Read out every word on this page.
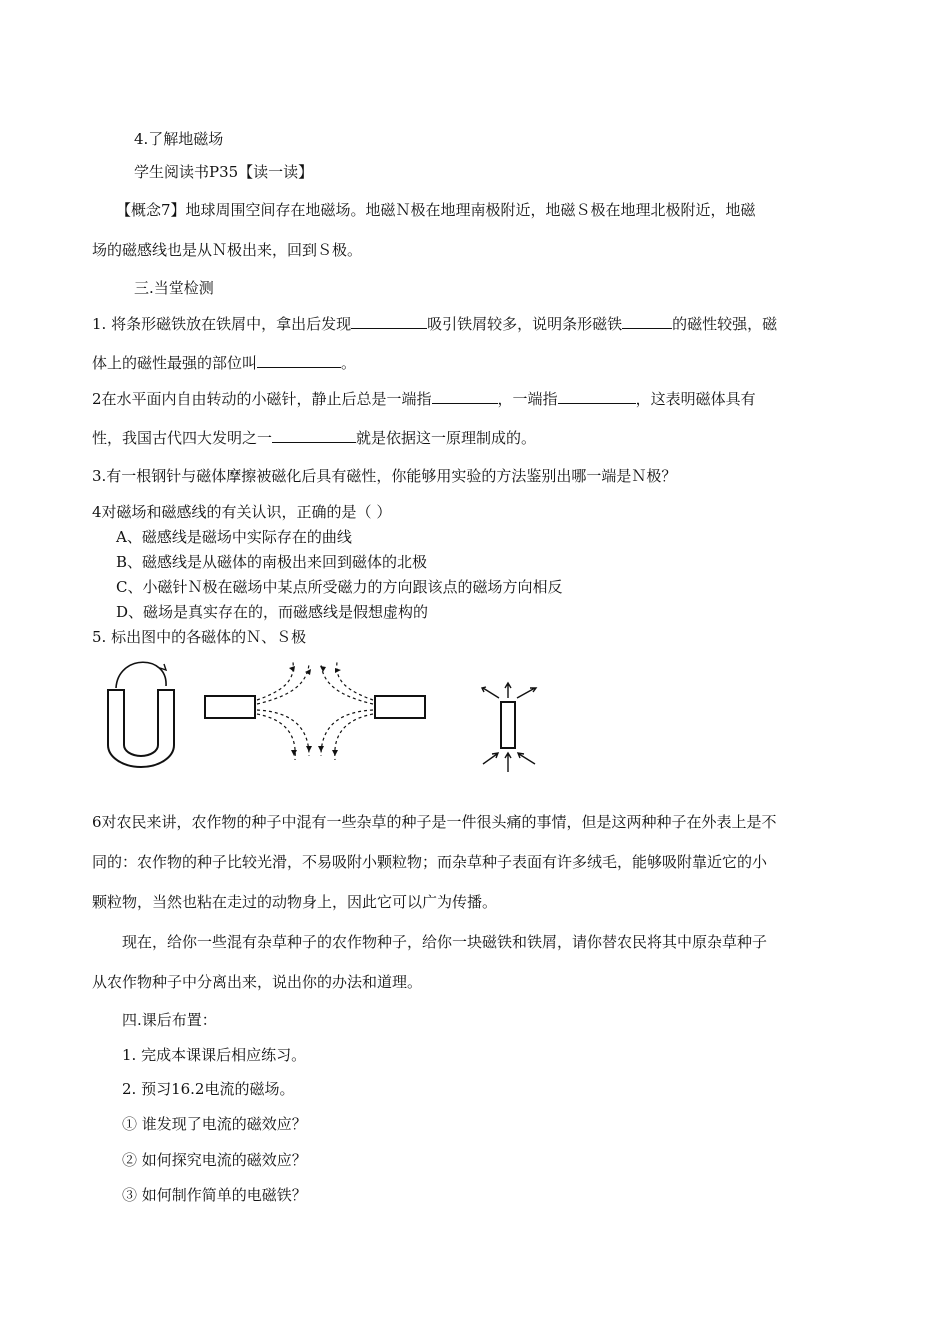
4.了解地磁场
学生阅读书P35【读一读】
【概念7】地球周围空间存在地磁场。地磁Ｎ极在地理南极附近，地磁Ｓ极在地理北极附近，地磁
场的磁感线也是从Ｎ极出来，回到Ｓ极。
三.当堂检测
1. 将条形磁铁放在铁屑中，拿出后发现	吸引铁屑较多，说明条形磁铁	的磁性较强，磁
体上的磁性最强的部位叫	。
2在水平面内自由转动的小磁针，静止后总是一端指	，一端指	，这表明磁体具有
性，我国古代四大发明之一	就是依据这一原理制成的。
3.有一根钢针与磁体摩擦被磁化后具有磁性，你能够用实验的方法鉴别出哪一端是Ｎ极？
4对磁场和磁感线的有关认识，正确的是（ ）
A、磁感线是磁场中实际存在的曲线
B、磁感线是从磁体的南极出来回到磁体的北极
C、小磁针Ｎ极在磁场中某点所受磁力的方向跟该点的磁场方向相反
D、磁场是真实存在的，而磁感线是假想虚构的
5. 标出图中的各磁体的Ｎ、Ｓ极
6对农民来讲，农作物的种子中混有一些杂草的种子是一件很头痛的事情，但是这两种种子在外表上是不
同的：农作物的种子比较光滑，不易吸附小颗粒物；而杂草种子表面有许多绒毛，能够吸附靠近它的小
颗粒物，当然也粘在走过的动物身上，因此它可以广为传播。
现在，给你一些混有杂草种子的农作物种子，给你一块磁铁和铁屑，请你替农民将其中原杂草种子
从农作物种子中分离出来，说出你的办法和道理。
四.课后布置：
1. 完成本课课后相应练习。
2. 预习16.2电流的磁场。
① 谁发现了电流的磁效应？
② 如何探究电流的磁效应？
③ 如何制作简单的电磁铁？
